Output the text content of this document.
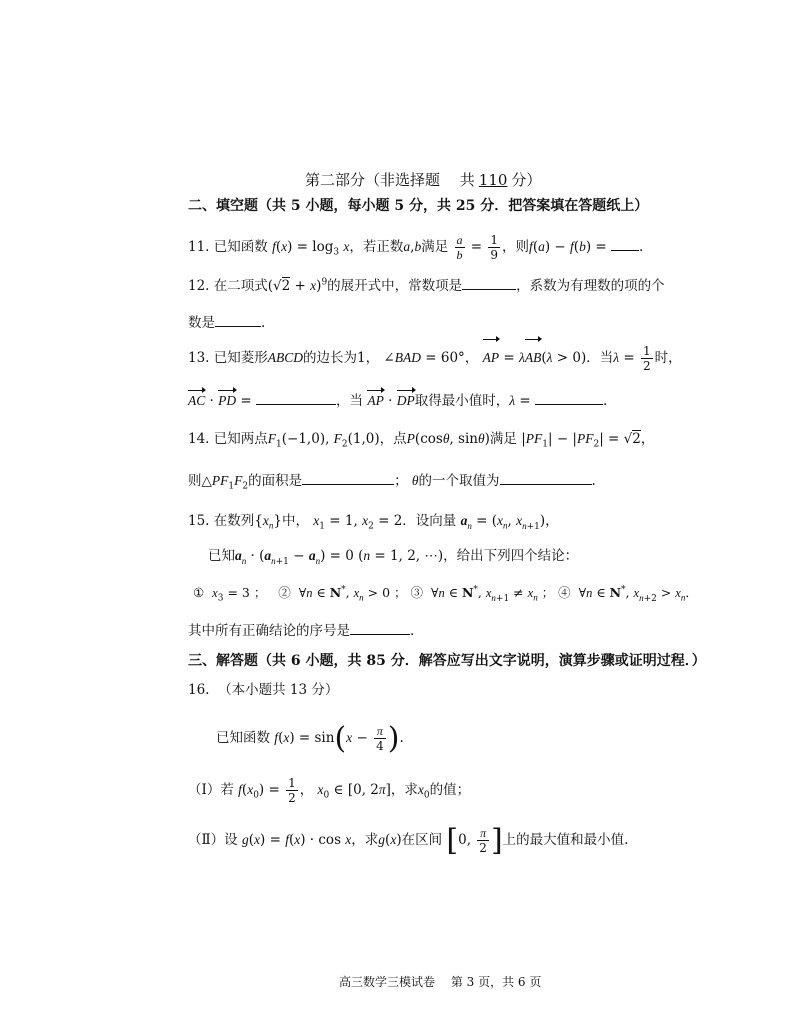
第二部分（非选择题　 共 110 分）
二、填空题（共 5 小题，每小题 5 分，共 25 分．把答案填在答题纸上）
11. 已知函数 $f(x) = \log_3 x$，若正数a,b满足 $\frac{a}{b} = \frac{1}{9}$ ，则f(a) − f(b) = .
12. 在二项式$(√2 + x)^9$的展开式中，常数项是	，系数为有理数的项的个
数是	.
13. 已知菱形ABCD的边长为1， ∠BAD = 60°， AP = λAB(λ > 0)．当$\lambda = \frac{1}{2}$ 时，
AC · PD =	，当 AP · DP取得最小值时，λ =	.
14. 已知两点$F_1(-1,0)$, $F_2(1,0)$，点P(cosθ, sinθ)满足 $|PF_1| - |PF_2| = √2$，
则$\triangle PF_1F_2$的面积是	； θ的一个取值为	.
15. 在数列$\{x_n\}$中， $x_1 = 1$, $x_2 = 2$．设向量 $a_n = (x_n$, $x_{n+1}$)，
已知$a_n \cdot (a_{n+1} - a_n) = 0$ (n = 1, 2, ⋯)，给出下列四个结论：
① $x_3 = 3$ ；   ②  ∀n ∈ N*, $x_n > 0$ ； ③  ∀n ∈ N*, $x_{n+1} \ne x_n$ ； ④  ∀n ∈ N*, $x_{n+2} > x_n$．
其中所有正确结论的序号是	.
三、解答题（共 6 小题，共 85 分．解答应写出文字说明，演算步骤或证明过程．）
16. （本小题共 13 分）
已知函数 $f(x) = \sin(x - \frac{\pi}{4}$ ).
（Ⅰ）若 $f(x_0) = \frac{1}{2}$ ， $x_0$ ∈ [0, 2π]，求$x_0$的值；
（Ⅱ）设 g(x) = f(x) · cos x，求g(x)在区间 [0, $\frac{\pi}{2}$ ]上的最大值和最小值.
高三数学三模试卷　 第 3 页，共 6 页
